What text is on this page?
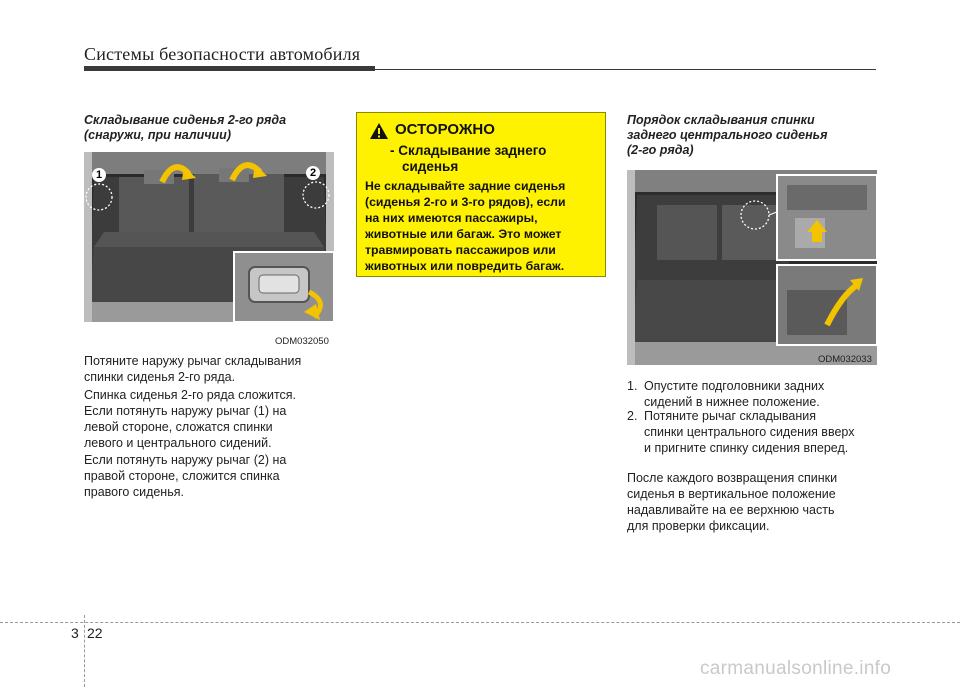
Системы безопасности автомобиля
Складывание сиденья 2-го ряда
(снаружи, при наличии)
1	2
ODM032050
Потяните наружу рычаг складывания
спинки сиденья 2-го ряда.
Спинка сиденья 2-го ряда сложится.
Если потянуть наружу рычаг (1) на
левой стороне, сложатся спинки
левого и центрального сидений.
Если потянуть наружу рычаг (2) на
правой стороне, сложится спинка
правого сиденья.
ОСТОРОЖНО
- Складывание заднего
сиденья
Не складывайте задние сиденья
(сиденья 2-го и 3-го рядов), если
на них имеются пассажиры,
животные или багаж. Это может
травмировать пассажиров или
животных или повредить багаж.
Порядок складывания спинки
заднего центрального сиденья
(2-го ряда)
ODM032033
1. Опустите подголовники задних
сидений в нижнее положение.
2. Потяните рычаг складывания
спинки центрального сидения вверх
и пригните спинку сидения вперед.
После каждого возвращения спинки
сиденья в вертикальное положение
надавливайте на ее верхнюю часть
для проверки фиксации.
3 22
carmanualsonline.info
